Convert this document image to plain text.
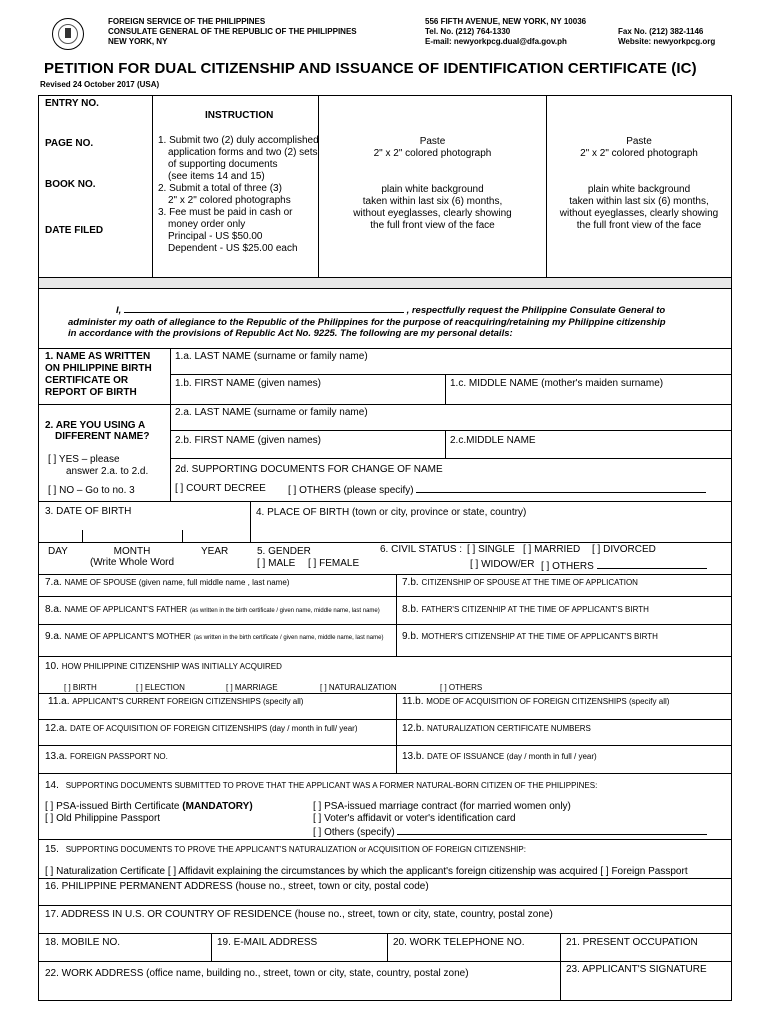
FOREIGN SERVICE OF THE PHILIPPINES
CONSULATE GENERAL OF THE REPUBLIC OF THE PHILIPPINES
NEW YORK, NY
556 FIFTH AVENUE, NEW YORK, NY 10036
Tel. No. (212) 764-1330
E-mail: newyorkpcg.dual@dfa.gov.ph
Fax No. (212) 382-1146
Website: newyorkpcg.org
PETITION FOR DUAL CITIZENSHIP AND ISSUANCE OF IDENTIFICATION CERTIFICATE (IC)
Revised 24 October 2017 (USA)
ENTRY NO.
PAGE NO.
BOOK NO.
DATE FILED
INSTRUCTION
1. Submit two (2) duly accomplished
application forms and two (2) sets
of supporting documents
(see items 14 and 15)
2. Submit a total of three (3)
2" x 2" colored photographs
3. Fee must be paid in cash or
money order only
Principal - US $50.00
Dependent - US $25.00 each
Paste
2" x 2" colored photograph
plain white background
taken within last six (6) months,
without eyeglasses, clearly showing
the full front view of the face
Paste
2" x 2" colored photograph
plain white background
taken within last six (6) months,
without eyeglasses, clearly showing
the full front view of the face
I,	, respectfully request the Philippine Consulate General to
administer my oath of allegiance to the Republic of the Philippines for the purpose of reacquiring/retaining my Philippine citizenship
in accordance with the provisions of Republic Act No. 9225. The following are my personal details:
1. NAME AS WRITTEN
ON PHILIPPINE BIRTH
CERTIFICATE OR
REPORT OF BIRTH
1.a. LAST NAME (surname or family name)
1.b. FIRST NAME (given names)	1.c. MIDDLE NAME (mother's maiden surname)
2. ARE YOU USING A
DIFFERENT NAME?
[ ] YES – please
answer 2.a. to 2.d.
[ ] NO – Go to no. 3
2.a. LAST NAME (surname or family name)
2.b. FIRST NAME (given names)	2.c.MIDDLE NAME
2d. SUPPORTING DOCUMENTS FOR CHANGE OF NAME
[ ] COURT DECREE [ ] OTHERS (please specify)
3. DATE OF BIRTH	4. PLACE OF BIRTH (town or city, province or state, country)
DAY	MONTH
(Write Whole Word
YEAR	5. GENDER
[ ] MALE [ ] FEMALE
6. CIVIL STATUS : [ ] SINGLE [ ] MARRIED [ ] DIVORCED
[ ] WIDOW/ER [ ] OTHERS
7.a. NAME OF SPOUSE (given name, full middle name , last name)	7.b. CITIZENSHIP OF SPOUSE AT THE TIME OF APPLICATION
8.a. NAME OF APPLICANT'S FATHER (as written in the birth certificate / given name, middle name, last name) 8.b. FATHER'S CITIZENHIP AT THE TIME OF APPLICANT'S BIRTH
9.a. NAME OF APPLICANT'S MOTHER (as written in the birth certificate / given name, middle name, last name) 9.b. MOTHER'S CITIZENSHIP AT THE TIME OF APPLICANT'S BIRTH
10. HOW PHILIPPINE CITIZENSHIP WAS INITIALLY ACQUIRED
[ ] BIRTH	[ ] ELECTION	[ ] MARRIAGE	[ ] NATURALIZATION	[ ] OTHERS
11.a. APPLICANT'S CURRENT FOREIGN CITIZENSHIPS (specify all)	11.b. MODE OF ACQUISITION OF FOREIGN CITIZENSHIPS (specify all)
12.a. DATE OF ACQUISITION OF FOREIGN CITIZENSHIPS (day / month in full/ year)	12.b. NATURALIZATION CERTIFICATE NUMBERS
13.a. FOREIGN PASSPORT NO.	13.b. DATE OF ISSUANCE (day / month in full / year)
14. SUPPORTING DOCUMENTS SUBMITTED TO PROVE THAT THE APPLICANT WAS A FORMER NATURAL-BORN CITIZEN OF THE PHILIPPINES:
[ ] PSA-issued Birth Certificate (MANDATORY)
[ ] Old Philippine Passport
[ ] PSA-issued marriage contract (for married women only)
[ ] Voter's affidavit or voter's identification card
[ ] Others (specify)
15. SUPPORTING DOCUMENTS TO PROVE THE APPLICANT'S NATURALIZATION or ACQUISITION OF FOREIGN CITIZENSHIP:
[ ] Naturalization Certificate [ ] Affidavit explaining the circumstances by which the applicant's foreign citizenship was acquired [ ] Foreign Passport
16. PHILIPPINE PERMANENT ADDRESS (house no., street, town or city, postal code)
17. ADDRESS IN U.S. OR COUNTRY OF RESIDENCE (house no., street, town or city, state, country, postal zone)
18. MOBILE NO.	19. E-MAIL ADDRESS	20. WORK TELEPHONE NO.	21. PRESENT OCCUPATION
22. WORK ADDRESS (office name, building no., street, town or city, state, country, postal zone)	23. APPLICANT'S SIGNATURE
